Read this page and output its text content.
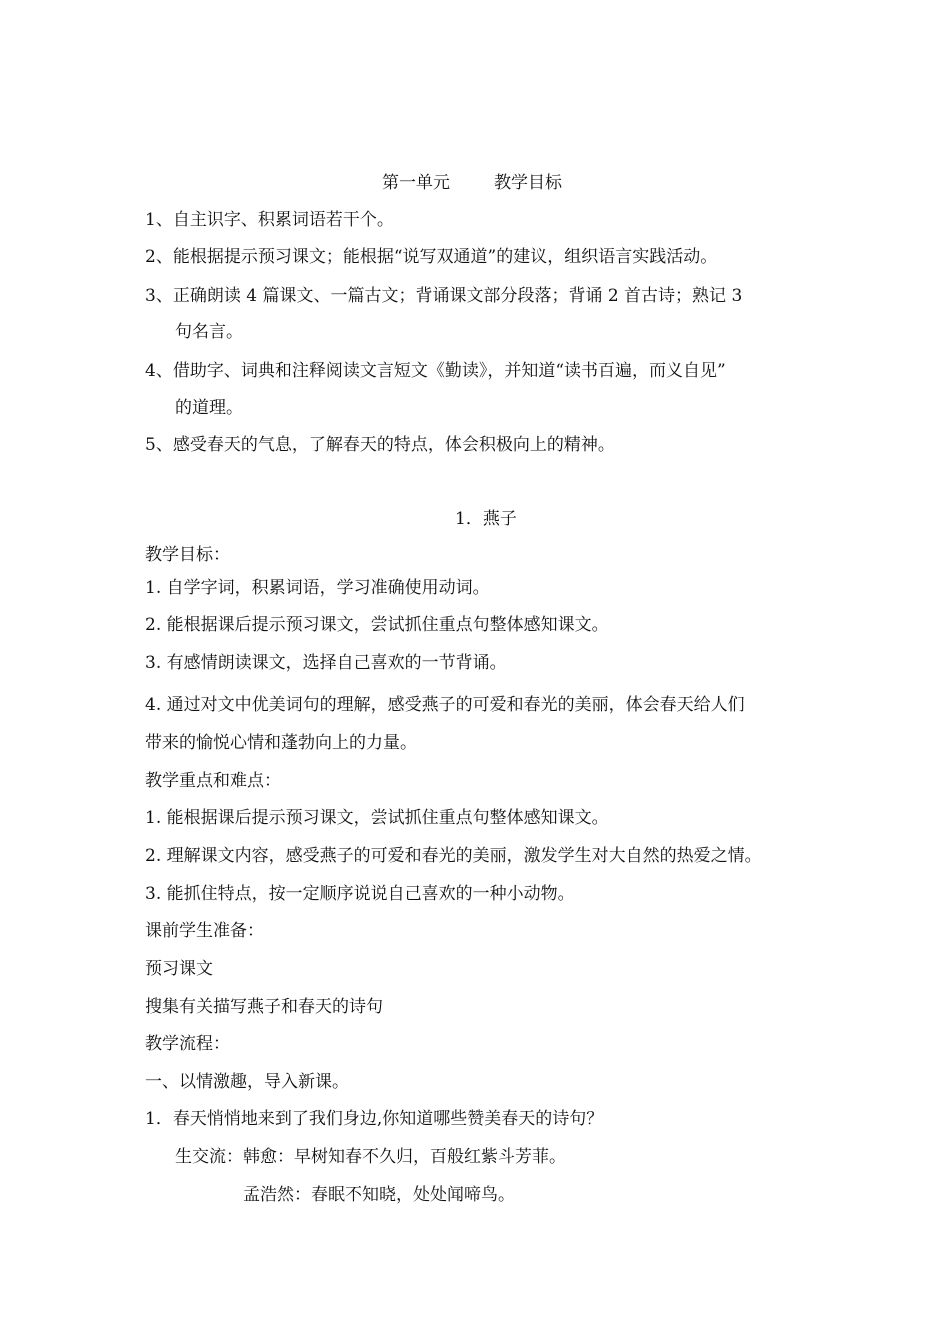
第一单元	教学目标
1、自主识字、积累词语若干个。
2、能根据提示预习课文；能根据“说写双通道”的建议，组织语言实践活动。
3、正确朗读 4 篇课文、一篇古文；背诵课文部分段落；背诵 2 首古诗；熟记 3
句名言。
4、借助字、词典和注释阅读文言短文《勤读》，并知道“读书百遍，而义自见”
的道理。
5、感受春天的气息，了解春天的特点，体会积极向上的精神。
1．燕子
教学目标：
1. 自学字词，积累词语，学习准确使用动词。
2. 能根据课后提示预习课文，尝试抓住重点句整体感知课文。
3. 有感情朗读课文，选择自己喜欢的一节背诵。
4. 通过对文中优美词句的理解，感受燕子的可爱和春光的美丽，体会春天给人们
带来的愉悦心情和蓬勃向上的力量。
教学重点和难点：
1. 能根据课后提示预习课文，尝试抓住重点句整体感知课文。
2. 理解课文内容，感受燕子的可爱和春光的美丽，激发学生对大自然的热爱之情。
3. 能抓住特点，按一定顺序说说自己喜欢的一种小动物。
课前学生准备：
预习课文
搜集有关描写燕子和春天的诗句
教学流程：
一、以情激趣，导入新课。
1．春天悄悄地来到了我们身边,你知道哪些赞美春天的诗句？
生交流：韩愈：早树知春不久归，百般红紫斗芳菲。
孟浩然：春眠不知晓，处处闻啼鸟。
